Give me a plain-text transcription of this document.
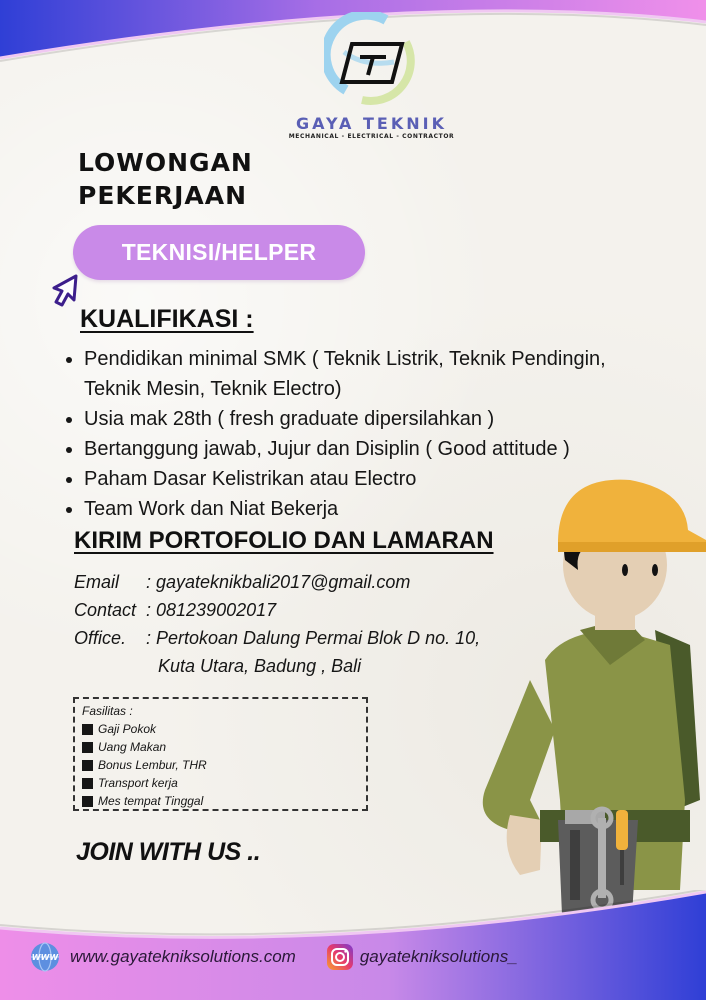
GAYA TEKNIK
MECHANICAL - ELECTRICAL - CONTRACTOR
LOWONGAN
PEKERJAAN
TEKNISI/HELPER
KUALIFIKASI :
Pendidikan minimal SMK ( Teknik Listrik, Teknik Pendingin, Teknik Mesin, Teknik Electro)
Usia mak 28th ( fresh graduate dipersilahkan )
Bertanggung jawab, Jujur dan Disiplin ( Good attitude )
Paham Dasar Kelistrikan atau Electro
Team Work dan Niat Bekerja
KIRIM PORTOFOLIO DAN LAMARAN
Email	: gayateknikbali2017@gmail.com
Contact : 081239002017
Office.	: Pertokoan Dalung Permai Blok D no. 10,
Kuta Utara, Badung , Bali
Fasilitas :
Gaji Pokok
Uang Makan
Bonus Lembur, THR
Transport kerja
Mes tempat Tinggal
JOIN WITH US ..
WWW www.gayatekniksolutions.com	gayatekniksolutions_
